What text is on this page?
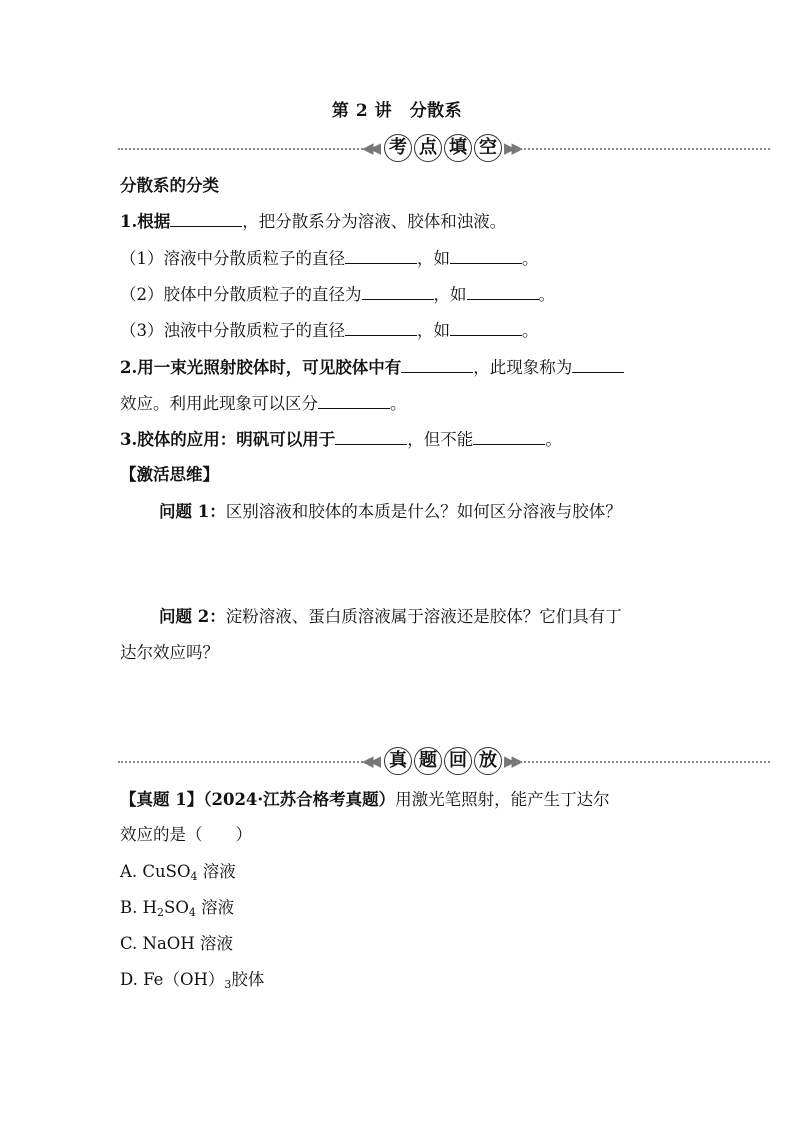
第 2 讲　分散系
◀◀ 考 点 填 空 ▶▶
分散系的分类
1.根据	，把分散系分为溶液、胶体和浊液。
（1）溶液中分散质粒子的直径	，如	。
（2）胶体中分散质粒子的直径为	，如	。
（3）浊液中分散质粒子的直径	，如	。
2.用一束光照射胶体时，可见胶体中有	，此现象称为
效应。利用此现象可以区分	。
3.胶体的应用：明矾可以用于	，但不能	。
【激活思维】
问题 1：区别溶液和胶体的本质是什么？如何区分溶液与胶体？
问题 2：淀粉溶液、蛋白质溶液属于溶液还是胶体？它们具有丁
达尔效应吗？
◀◀ 真 题 回 放 ▶▶
【真题 1】（2024·江苏合格考真题）用激光笔照射，能产生丁达尔
效应的是（　　）
A. CuSO$_4$ 溶液
B. $H_2SO_4$ 溶液
C. NaOH 溶液
D. $Fe(OH)_3$胶体
